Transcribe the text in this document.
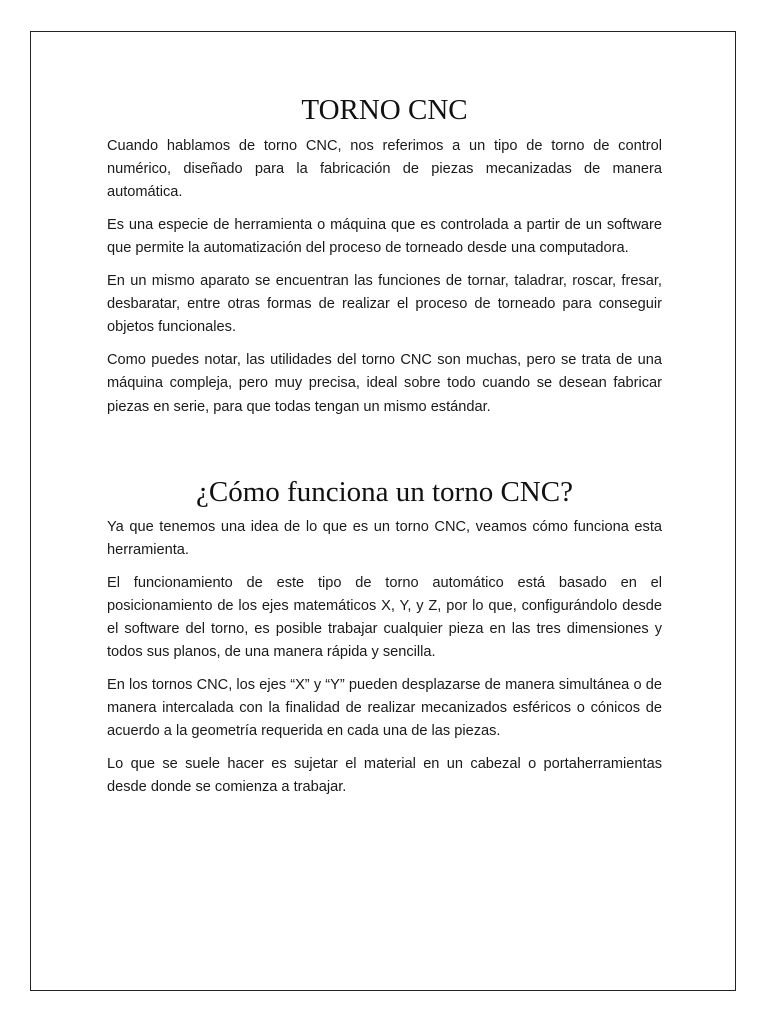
TORNO CNC

Cuando hablamos de torno CNC, nos referimos a un tipo de torno de control numérico, diseñado para la fabricación de piezas mecanizadas de manera automática.

Es una especie de herramienta o máquina que es controlada a partir de un software que permite la automatización del proceso de torneado desde una computadora.

En un mismo aparato se encuentran las funciones de tornar, taladrar, roscar, fresar, desbaratar, entre otras formas de realizar el proceso de torneado para conseguir objetos funcionales.

Como puedes notar, las utilidades del torno CNC son muchas, pero se trata de una máquina compleja, pero muy precisa, ideal sobre todo cuando se desean fabricar piezas en serie, para que todas tengan un mismo estándar.

¿Cómo funciona un torno CNC?

Ya que tenemos una idea de lo que es un torno CNC, veamos cómo funciona esta herramienta.

El funcionamiento de este tipo de torno automático está basado en el posicionamiento de los ejes matemáticos X, Y, y Z, por lo que, configurándolo desde el software del torno, es posible trabajar cualquier pieza en las tres dimensiones y todos sus planos, de una manera rápida y sencilla.

En los tornos CNC, los ejes “X” y “Y” pueden desplazarse de manera simultánea o de manera intercalada con la finalidad de realizar mecanizados esféricos o cónicos de acuerdo a la geometría requerida en cada una de las piezas.

Lo que se suele hacer es sujetar el material en un cabezal o portaherramientas desde donde se comienza a trabajar.
